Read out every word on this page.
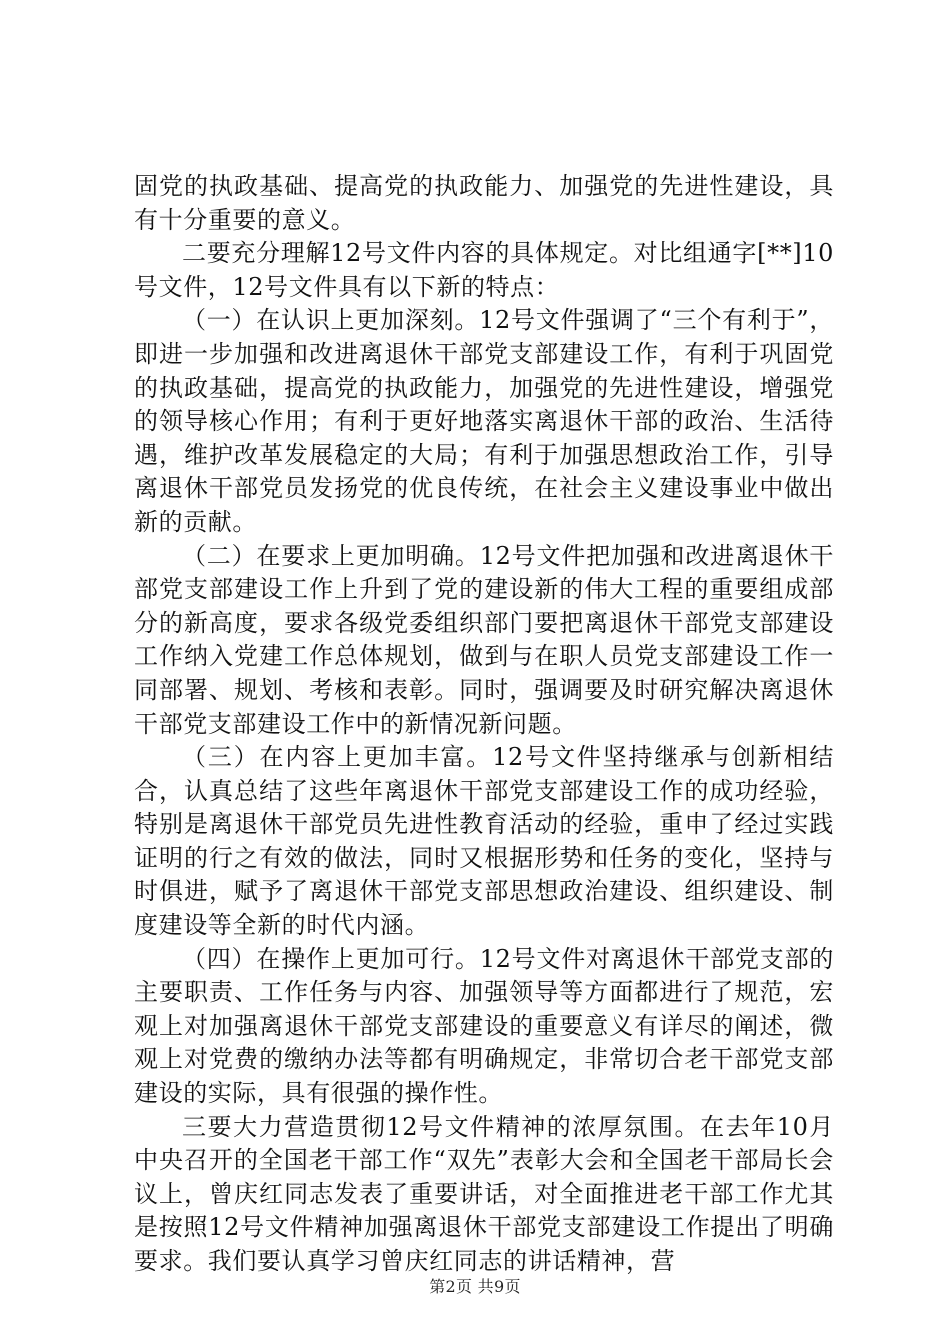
固党的执政基础、提高党的执政能力、加强党的先进性建设，具有十分重要的意义。

二要充分理解12号文件内容的具体规定。对比组通字[**]10号文件，12号文件具有以下新的特点：

（一）在认识上更加深刻。12号文件强调了“三个有利于”，即进一步加强和改进离退休干部党支部建设工作，有利于巩固党的执政基础，提高党的执政能力，加强党的先进性建设，增强党的领导核心作用；有利于更好地落实离退休干部的政治、生活待遇，维护改革发展稳定的大局；有利于加强思想政治工作，引导离退休干部党员发扬党的优良传统，在社会主义建设事业中做出新的贡献。

（二）在要求上更加明确。12号文件把加强和改进离退休干部党支部建设工作上升到了党的建设新的伟大工程的重要组成部分的新高度，要求各级党委组织部门要把离退休干部党支部建设工作纳入党建工作总体规划，做到与在职人员党支部建设工作一同部署、规划、考核和表彰。同时，强调要及时研究解决离退休干部党支部建设工作中的新情况新问题。

（三）在内容上更加丰富。12号文件坚持继承与创新相结合，认真总结了这些年离退休干部党支部建设工作的成功经验，特别是离退休干部党员先进性教育活动的经验，重申了经过实践证明的行之有效的做法，同时又根据形势和任务的变化，坚持与时俱进，赋予了离退休干部党支部思想政治建设、组织建设、制度建设等全新的时代内涵。

（四）在操作上更加可行。12号文件对离退休干部党支部的主要职责、工作任务与内容、加强领导等方面都进行了规范，宏观上对加强离退休干部党支部建设的重要意义有详尽的阐述，微观上对党费的缴纳办法等都有明确规定，非常切合老干部党支部建设的实际，具有很强的操作性。

三要大力营造贯彻12号文件精神的浓厚氛围。在去年10月中央召开的全国老干部工作“双先”表彰大会和全国老干部局长会议上，曾庆红同志发表了重要讲话，对全面推进老干部工作尤其是按照12号文件精神加强离退休干部党支部建设工作提出了明确要求。我们要认真学习曾庆红同志的讲话精神，营

第2页 共9页
